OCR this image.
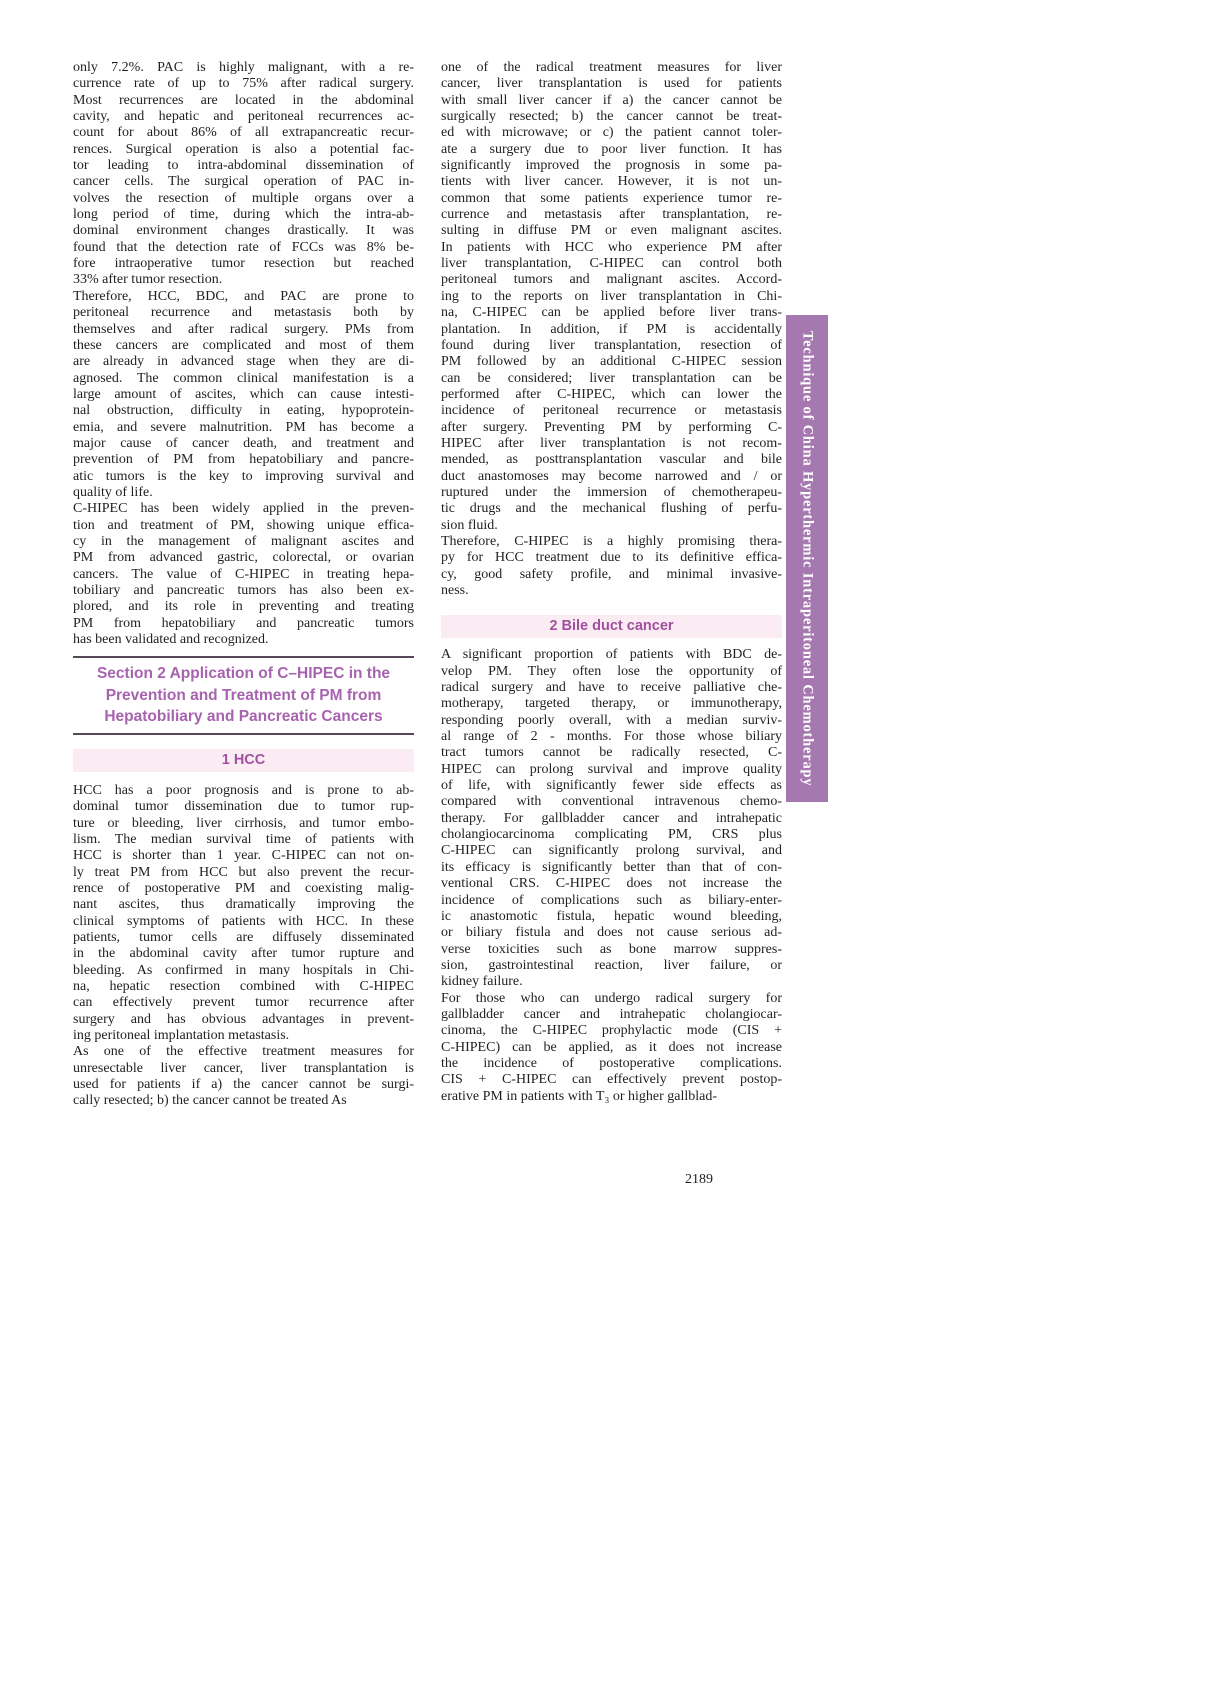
only 7.2%. PAC is highly malignant, with a re-
currence rate of up to 75% after radical surgery.
Most recurrences are located in the abdominal
cavity, and hepatic and peritoneal recurrences ac-
count for about 86% of all extrapancreatic recur-
rences. Surgical operation is also a potential fac-
tor leading to intra-abdominal dissemination of
cancer cells. The surgical operation of PAC in-
volves the resection of multiple organs over a
long period of time, during which the intra-ab-
dominal environment changes drastically. It was
found that the detection rate of FCCs was 8% be-
fore intraoperative tumor resection but reached
33% after tumor resection.
Therefore, HCC, BDC, and PAC are prone to
peritoneal recurrence and metastasis both by
themselves and after radical surgery. PMs from
these cancers are complicated and most of them
are already in advanced stage when they are di-
agnosed. The common clinical manifestation is a
large amount of ascites, which can cause intesti-
nal obstruction, difficulty in eating, hypoprotein-
emia, and severe malnutrition. PM has become a
major cause of cancer death, and treatment and
prevention of PM from hepatobiliary and pancre-
atic tumors is the key to improving survival and
quality of life.
C-HIPEC has been widely applied in the preven-
tion and treatment of PM, showing unique effica-
cy in the management of malignant ascites and
PM from advanced gastric, colorectal, or ovarian
cancers. The value of C-HIPEC in treating hepa-
tobiliary and pancreatic tumors has also been ex-
plored, and its role in preventing and treating
PM from hepatobiliary and pancreatic tumors
has been validated and recognized.
Section 2 Application of C–HIPEC in the
Prevention and Treatment of PM from
Hepatobiliary and Pancreatic Cancers
1 HCC
HCC has a poor prognosis and is prone to ab-
dominal tumor dissemination due to tumor rup-
ture or bleeding, liver cirrhosis, and tumor embo-
lism. The median survival time of patients with
HCC is shorter than 1 year. C-HIPEC can not on-
ly treat PM from HCC but also prevent the recur-
rence of postoperative PM and coexisting malig-
nant ascites, thus dramatically improving the
clinical symptoms of patients with HCC. In these
patients, tumor cells are diffusely disseminated
in the abdominal cavity after tumor rupture and
bleeding. As confirmed in many hospitals in Chi-
na, hepatic resection combined with C-HIPEC
can effectively prevent tumor recurrence after
surgery and has obvious advantages in prevent-
ing peritoneal implantation metastasis.
As one of the effective treatment measures for
unresectable liver cancer, liver transplantation is
used for patients if a) the cancer cannot be surgi-
cally resected; b) the cancer cannot be treated As
one of the radical treatment measures for liver
cancer, liver transplantation is used for patients
with small liver cancer if a) the cancer cannot be
surgically resected; b) the cancer cannot be treat-
ed with microwave; or c) the patient cannot toler-
ate a surgery due to poor liver function. It has
significantly improved the prognosis in some pa-
tients with liver cancer. However, it is not un-
common that some patients experience tumor re-
currence and metastasis after transplantation, re-
sulting in diffuse PM or even malignant ascites.
In patients with HCC who experience PM after
liver transplantation, C-HIPEC can control both
peritoneal tumors and malignant ascites. Accord-
ing to the reports on liver transplantation in Chi-
na, C-HIPEC can be applied before liver trans-
plantation. In addition, if PM is accidentally
found during liver transplantation, resection of
PM followed by an additional C-HIPEC session
can be considered; liver transplantation can be
performed after C-HIPEC, which can lower the
incidence of peritoneal recurrence or metastasis
after surgery. Preventing PM by performing C-
HIPEC after liver transplantation is not recom-
mended, as posttransplantation vascular and bile
duct anastomoses may become narrowed and / or
ruptured under the immersion of chemotherapeu-
tic drugs and the mechanical flushing of perfu-
sion fluid.
Therefore, C-HIPEC is a highly promising thera-
py for HCC treatment due to its definitive effica-
cy, good safety profile, and minimal invasive-
ness.
2 Bile duct cancer
A significant proportion of patients with BDC de-
velop PM. They often lose the opportunity of
radical surgery and have to receive palliative che-
motherapy, targeted therapy, or immunotherapy,
responding poorly overall, with a median surviv-
al range of 2 - months. For those whose biliary
tract tumors cannot be radically resected, C-
HIPEC can prolong survival and improve quality
of life, with significantly fewer side effects as
compared with conventional intravenous chemo-
therapy. For gallbladder cancer and intrahepatic
cholangiocarcinoma complicating PM, CRS plus
C-HIPEC can significantly prolong survival, and
its efficacy is significantly better than that of con-
ventional CRS. C-HIPEC does not increase the
incidence of complications such as biliary-enter-
ic anastomotic fistula, hepatic wound bleeding,
or biliary fistula and does not cause serious ad-
verse toxicities such as bone marrow suppres-
sion, gastrointestinal reaction, liver failure, or
kidney failure.
For those who can undergo radical surgery for
gallbladder cancer and intrahepatic cholangiocar-
cinoma, the C-HIPEC prophylactic mode (CIS +
C-HIPEC) can be applied, as it does not increase
the incidence of postoperative complications.
CIS + C-HIPEC can effectively prevent postop-
erative PM in patients with T₃ or higher gallblad-
Technique of China Hyperthermic Intraperitoneal Chemotherapy
2189
